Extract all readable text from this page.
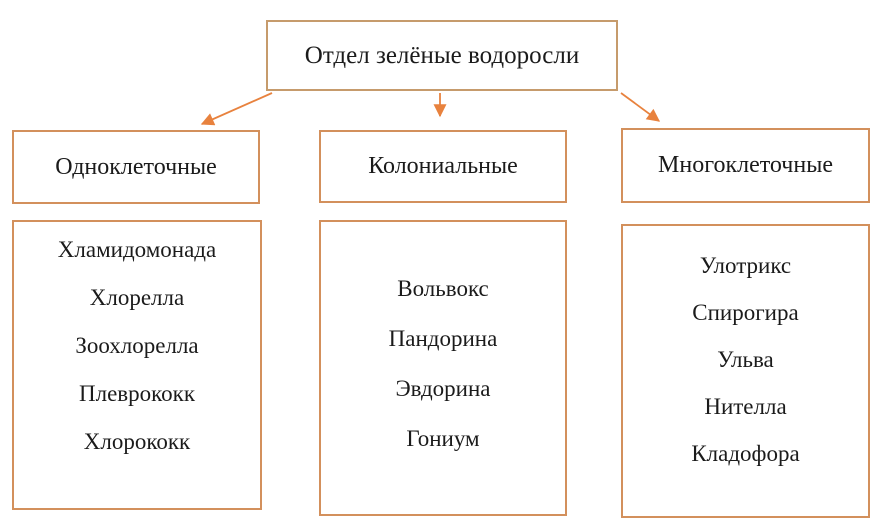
Отдел зелёные водоросли
Одноклеточные	Колониальные	Многоклеточные
Хламидомонада
Хлорелла
Зоохлорелла
Плеврококк
Хлорококк
Вольвокс
Пандорина
Эвдорина
Гониум
Улотрикс
Спирогира
Ульва
Нителла
Кладофора
